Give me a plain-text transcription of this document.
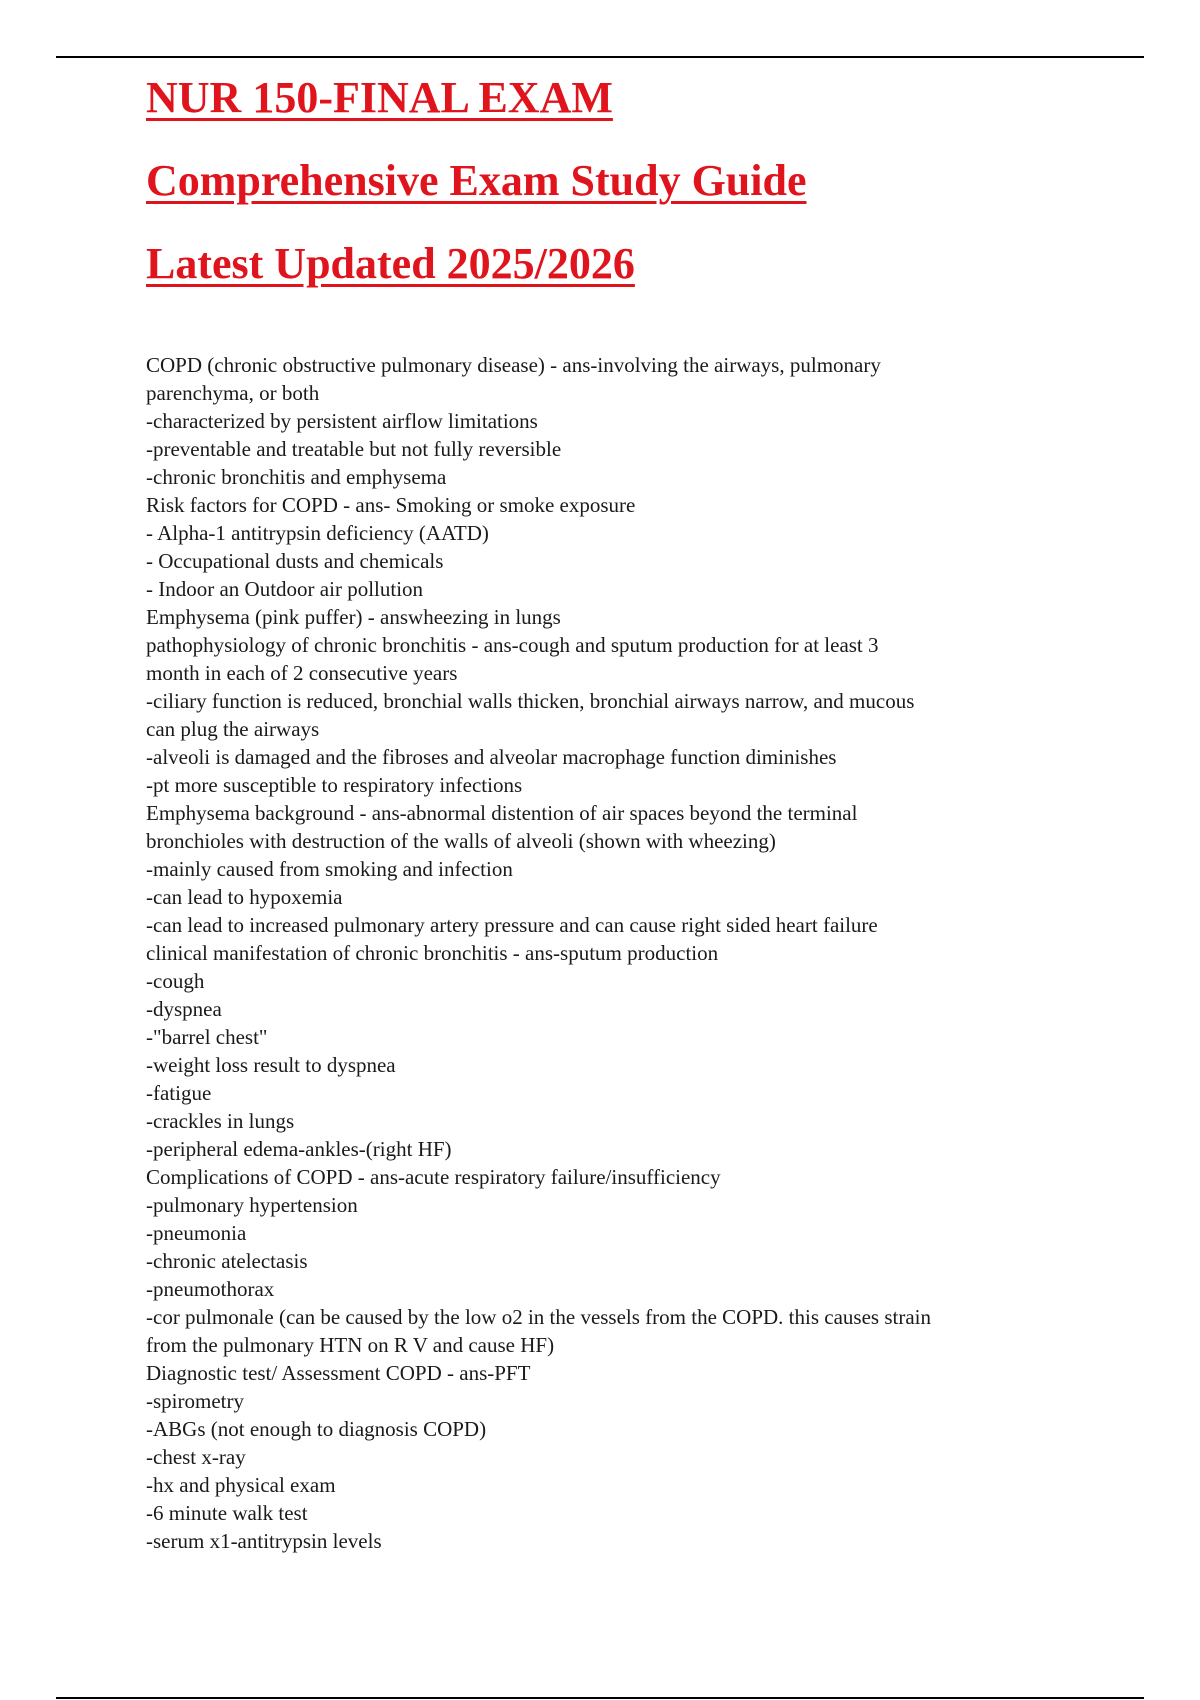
NUR 150-FINAL EXAM
Comprehensive Exam Study Guide
Latest Updated 2025/2026
COPD (chronic obstructive pulmonary disease) - ans-involving the airways, pulmonary
parenchyma, or both
-characterized by persistent airflow limitations
-preventable and treatable but not fully reversible
-chronic bronchitis and emphysema
Risk factors for COPD - ans- Smoking or smoke exposure
- Alpha-1 antitrypsin deficiency (AATD)
- Occupational dusts and chemicals
- Indoor an Outdoor air pollution
Emphysema (pink puffer) - answheezing in lungs
pathophysiology of chronic bronchitis - ans-cough and sputum production for at least 3
month in each of 2 consecutive years
-ciliary function is reduced, bronchial walls thicken, bronchial airways narrow, and mucous
can plug the airways
-alveoli is damaged and the fibroses and alveolar macrophage function diminishes
-pt more susceptible to respiratory infections
Emphysema background - ans-abnormal distention of air spaces beyond the terminal
bronchioles with destruction of the walls of alveoli (shown with wheezing)
-mainly caused from smoking and infection
-can lead to hypoxemia
-can lead to increased pulmonary artery pressure and can cause right sided heart failure
clinical manifestation of chronic bronchitis - ans-sputum production
-cough
-dyspnea
-"barrel chest"
-weight loss result to dyspnea
-fatigue
-crackles in lungs
-peripheral edema-ankles-(right HF)
Complications of COPD - ans-acute respiratory failure/insufficiency
-pulmonary hypertension
-pneumonia
-chronic atelectasis
-pneumothorax
-cor pulmonale (can be caused by the low o2 in the vessels from the COPD. this causes strain
from the pulmonary HTN on R V and cause HF)
Diagnostic test/ Assessment COPD - ans-PFT
-spirometry
-ABGs (not enough to diagnosis COPD)
-chest x-ray
-hx and physical exam
-6 minute walk test
-serum x1-antitrypsin levels
